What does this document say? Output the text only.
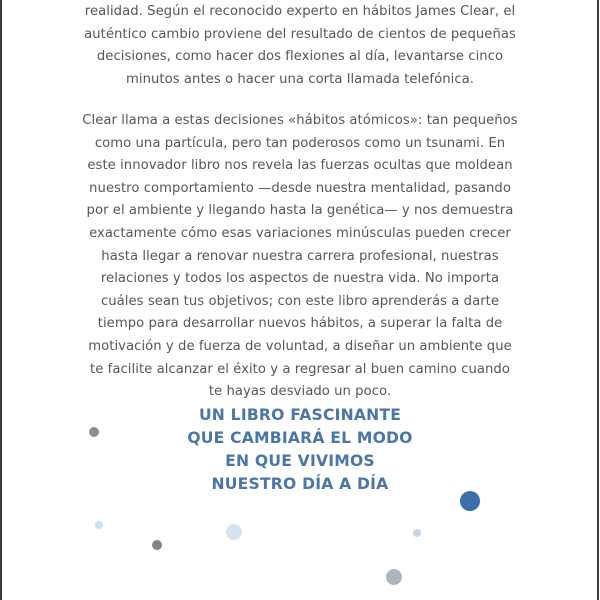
realidad. Según el reconocido experto en hábitos James Clear, el
auténtico cambio proviene del resultado de cientos de pequeñas
decisiones, como hacer dos flexiones al día, levantarse cinco
minutos antes o hacer una corta llamada telefónica.
Clear llama a estas decisiones «hábitos atómicos»: tan pequeños
como una partícula, pero tan poderosos como un tsunami. En
este innovador libro nos revela las fuerzas ocultas que moldean
nuestro comportamiento —desde nuestra mentalidad, pasando
por el ambiente y llegando hasta la genética— y nos demuestra
exactamente cómo esas variaciones minúsculas pueden crecer
hasta llegar a renovar nuestra carrera profesional, nuestras
relaciones y todos los aspectos de nuestra vida. No importa
cuáles sean tus objetivos; con este libro aprenderás a darte
tiempo para desarrollar nuevos hábitos, a superar la falta de
motivación y de fuerza de voluntad, a diseñar un ambiente que
te facilite alcanzar el éxito y a regresar al buen camino cuando
te hayas desviado un poco.
UN LIBRO FASCINANTE
QUE CAMBIARÁ EL MODO
EN QUE VIVIMOS
NUESTRO DÍA A DÍA
